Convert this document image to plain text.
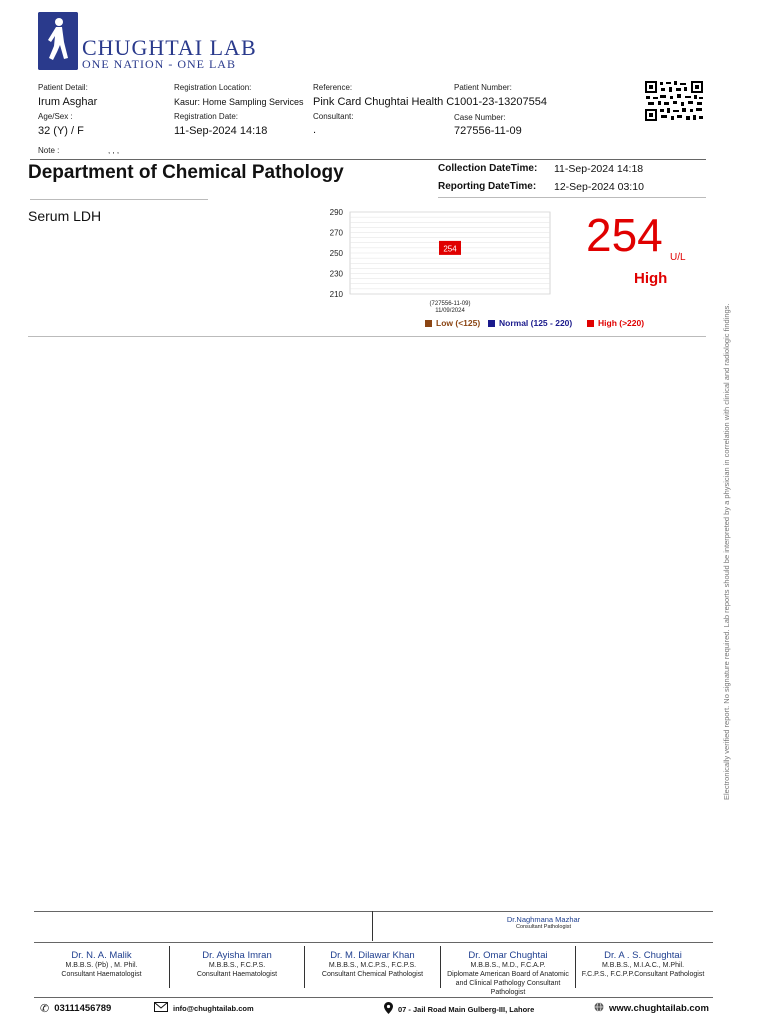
CHUGHTAI LAB
ONE NATION - ONE LAB
Patient Detail:
Irum Asghar
Age/Sex :
32 (Y) / F
Note :	, , ,
Registration Location:
Kasur: Home Sampling Services
Registration Date:
11-Sep-2024 14:18
Reference:
Pink Card Chughtai Health C
Consultant:
.
Patient Number:
1001-23-13207554
Case Number:
727556-11-09
Department of Chemical Pathology	Collection DateTime: 11-Sep-2024 14:18
Reporting DateTime: 12-Sep-2024 03:10
Serum LDH	290
270
250
230
210
254
(727556-11-09)
11/09/2024
Low (<125) Normal (125 - 220)	High (>220)
254 U/L
High
Electronically verified report. No signature required. Lab reports should be interpreted by a physician in correlation with clinical and radiologic findings.
Dr.Naghmana Mazhar
Consultant Pathologist
Dr. N. A. Malik
M.B.B.S. (Pb) , M. Phil.
Consultant Haematologist
Dr. Ayisha Imran
M.B.B.S., F.C.P.S.
Consultant Haematologist
Dr. M. Dilawar Khan
M.B.B.S., M.C.P.S., F.C.P.S.
Consultant Chemical Pathologist
Dr. Omar Chughtai
M.B.B.S., M.D., F.C.A.P.
Diplomate American Board of Anatomic
and Clinical Pathology Consultant
Pathologist
Dr. A . S. Chughtai
M.B.B.S., M.I.A.C., M.Phil.
F.C.P.S., F.C.P.P.Consultant Pathologist
✆ 03111456789	info@chughtailab.com	07 - Jail Road Main Gulberg-III, Lahore	www.chughtailab.com
